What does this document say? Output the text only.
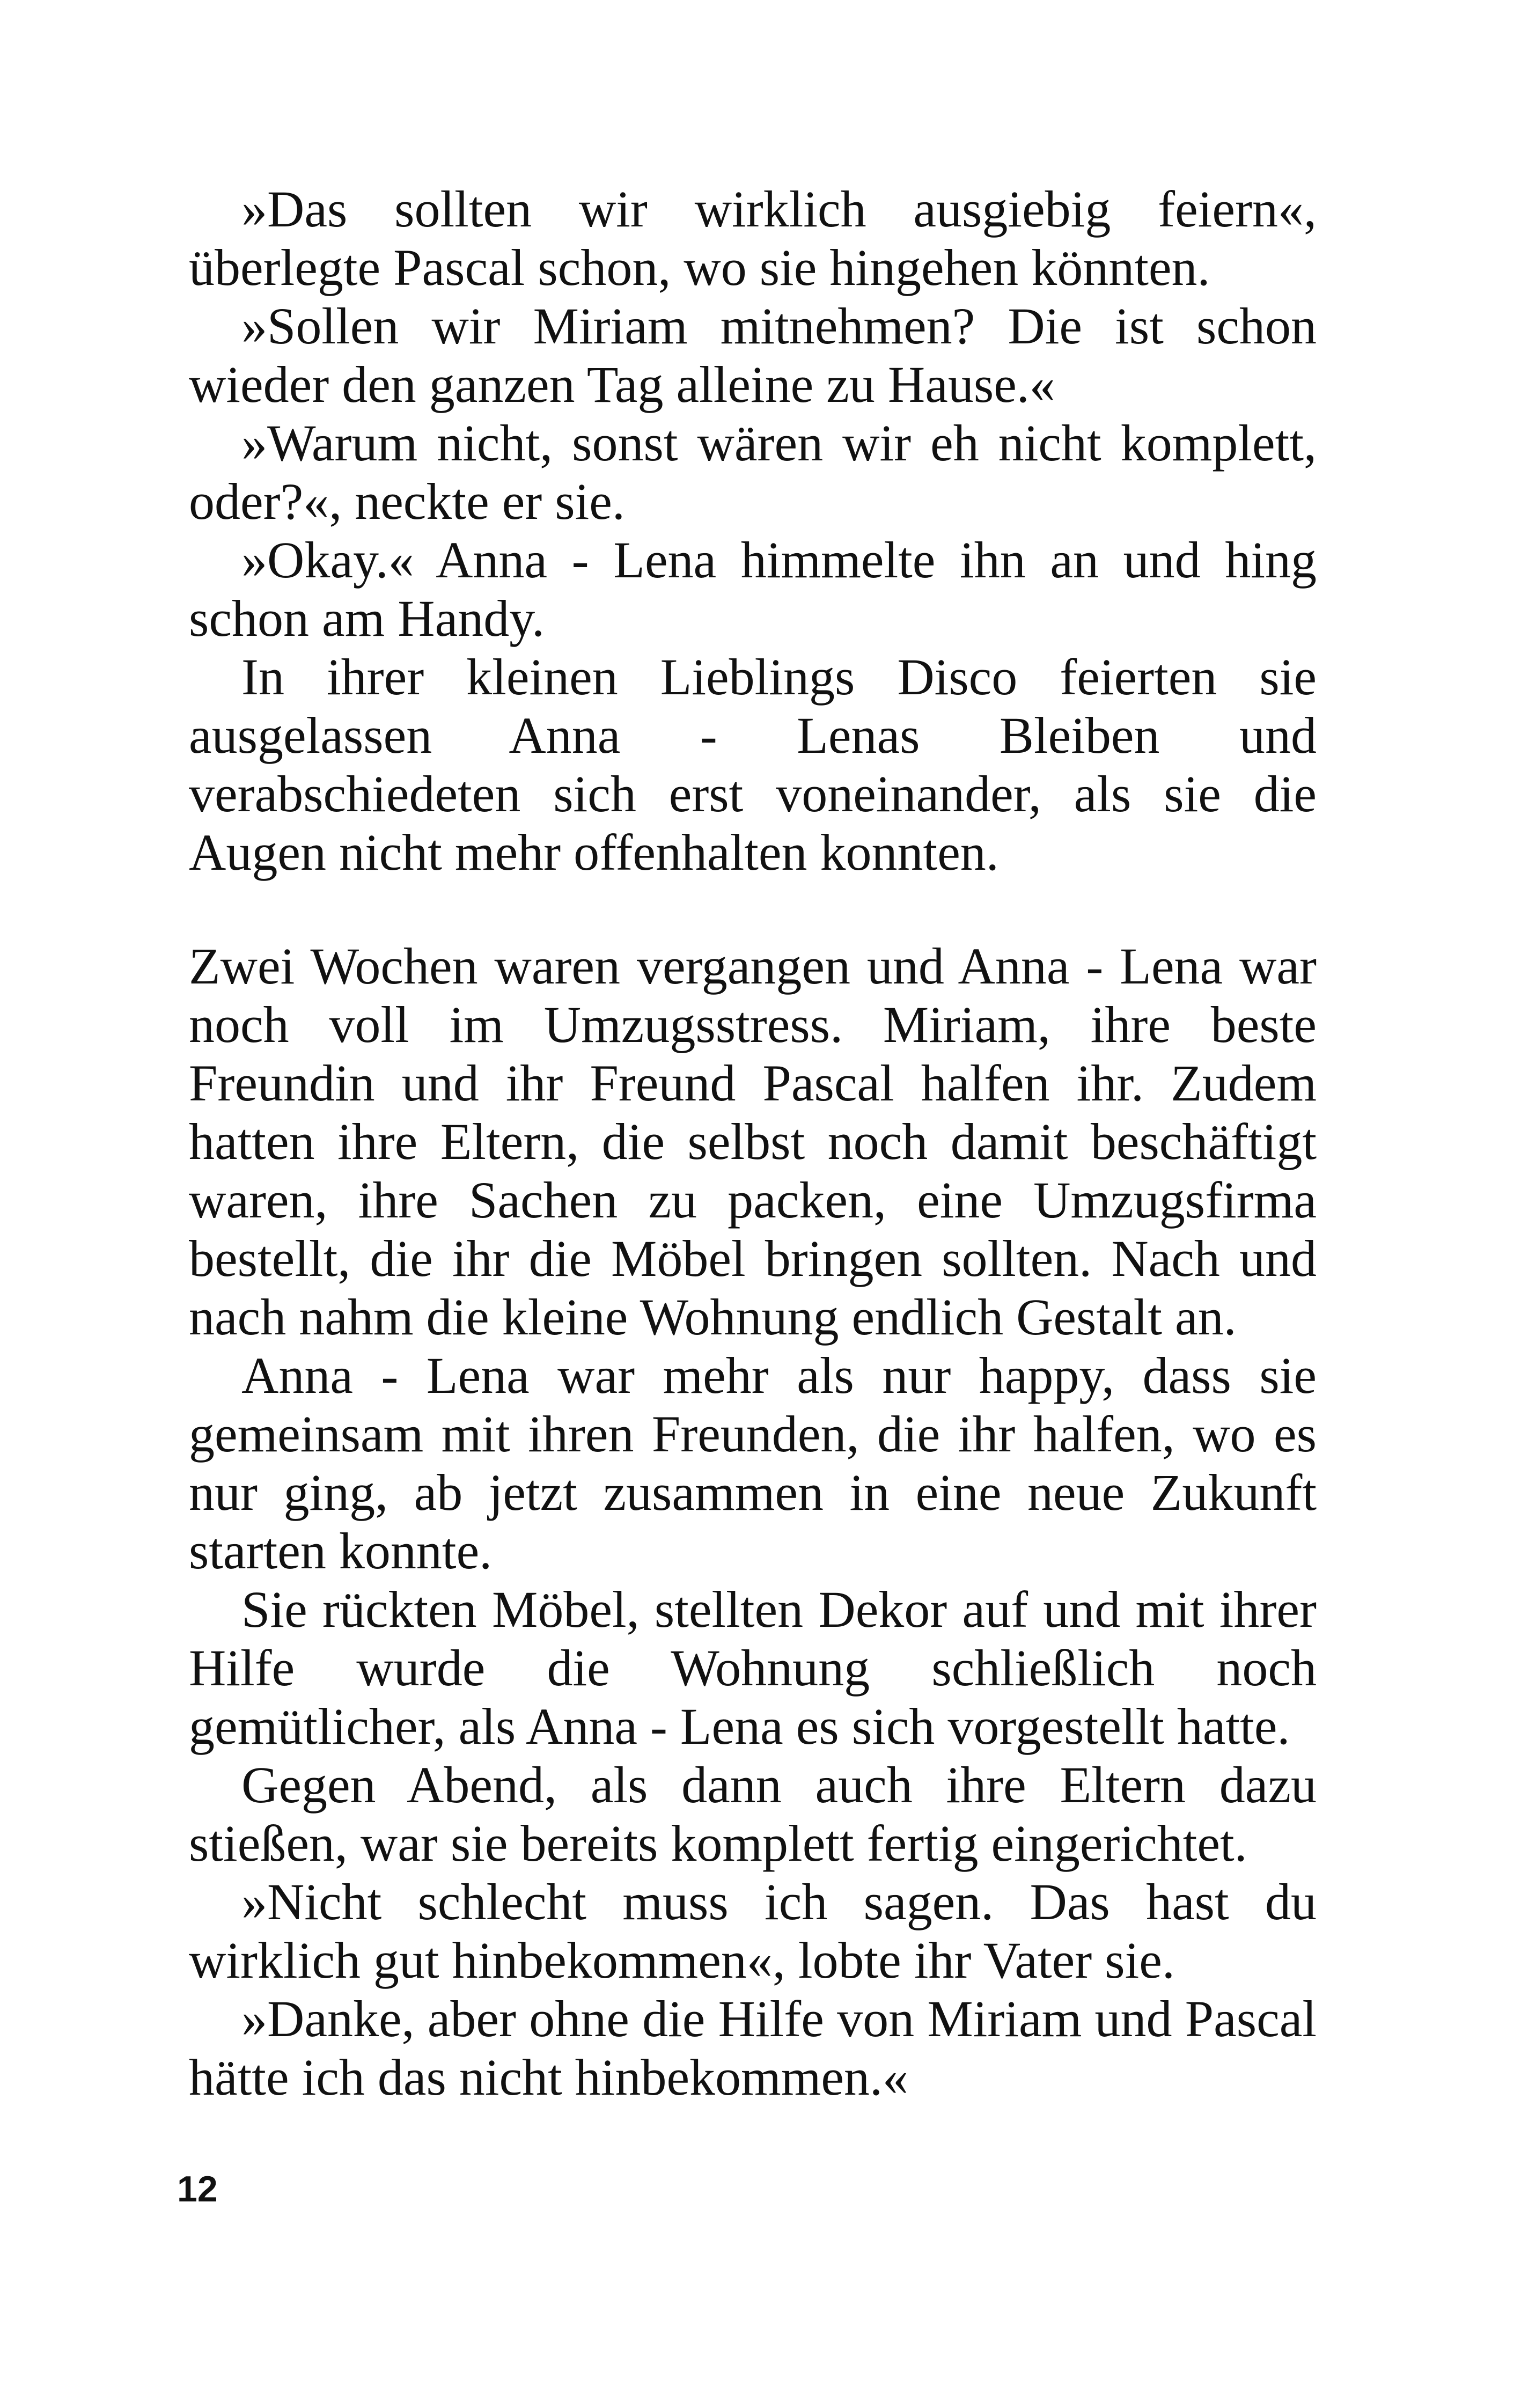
»Das sollten wir wirklich ausgiebig feiern«, überlegte Pascal schon, wo sie hingehen könnten.

»Sollen wir Miriam mitnehmen? Die ist schon wieder den ganzen Tag alleine zu Hause.«

»Warum nicht, sonst wären wir eh nicht komplett, oder?«, neckte er sie.

»Okay.« Anna - Lena himmelte ihn an und hing schon am Handy.

In ihrer kleinen Lieblings Disco feierten sie ausgelassen Anna - Lenas Bleiben und verabschiedeten sich erst voneinander, als sie die Augen nicht mehr offenhalten konnten.

Zwei Wochen waren vergangen und Anna - Lena war noch voll im Umzugsstress. Miriam, ihre beste Freundin und ihr Freund Pascal halfen ihr. Zudem hatten ihre Eltern, die selbst noch damit beschäftigt waren, ihre Sachen zu packen, eine Umzugsfirma bestellt, die ihr die Möbel bringen sollten. Nach und nach nahm die kleine Wohnung endlich Gestalt an.

Anna - Lena war mehr als nur happy, dass sie gemeinsam mit ihren Freunden, die ihr halfen, wo es nur ging, ab jetzt zusammen in eine neue Zukunft starten konnte.

Sie rückten Möbel, stellten Dekor auf und mit ihrer Hilfe wurde die Wohnung schließlich noch gemütlicher, als Anna - Lena es sich vorgestellt hatte.

Gegen Abend, als dann auch ihre Eltern dazu stießen, war sie bereits komplett fertig eingerichtet.

»Nicht schlecht muss ich sagen. Das hast du wirklich gut hinbekommen«, lobte ihr Vater sie.

»Danke, aber ohne die Hilfe von Miriam und Pascal hätte ich das nicht hinbekommen.«

12
